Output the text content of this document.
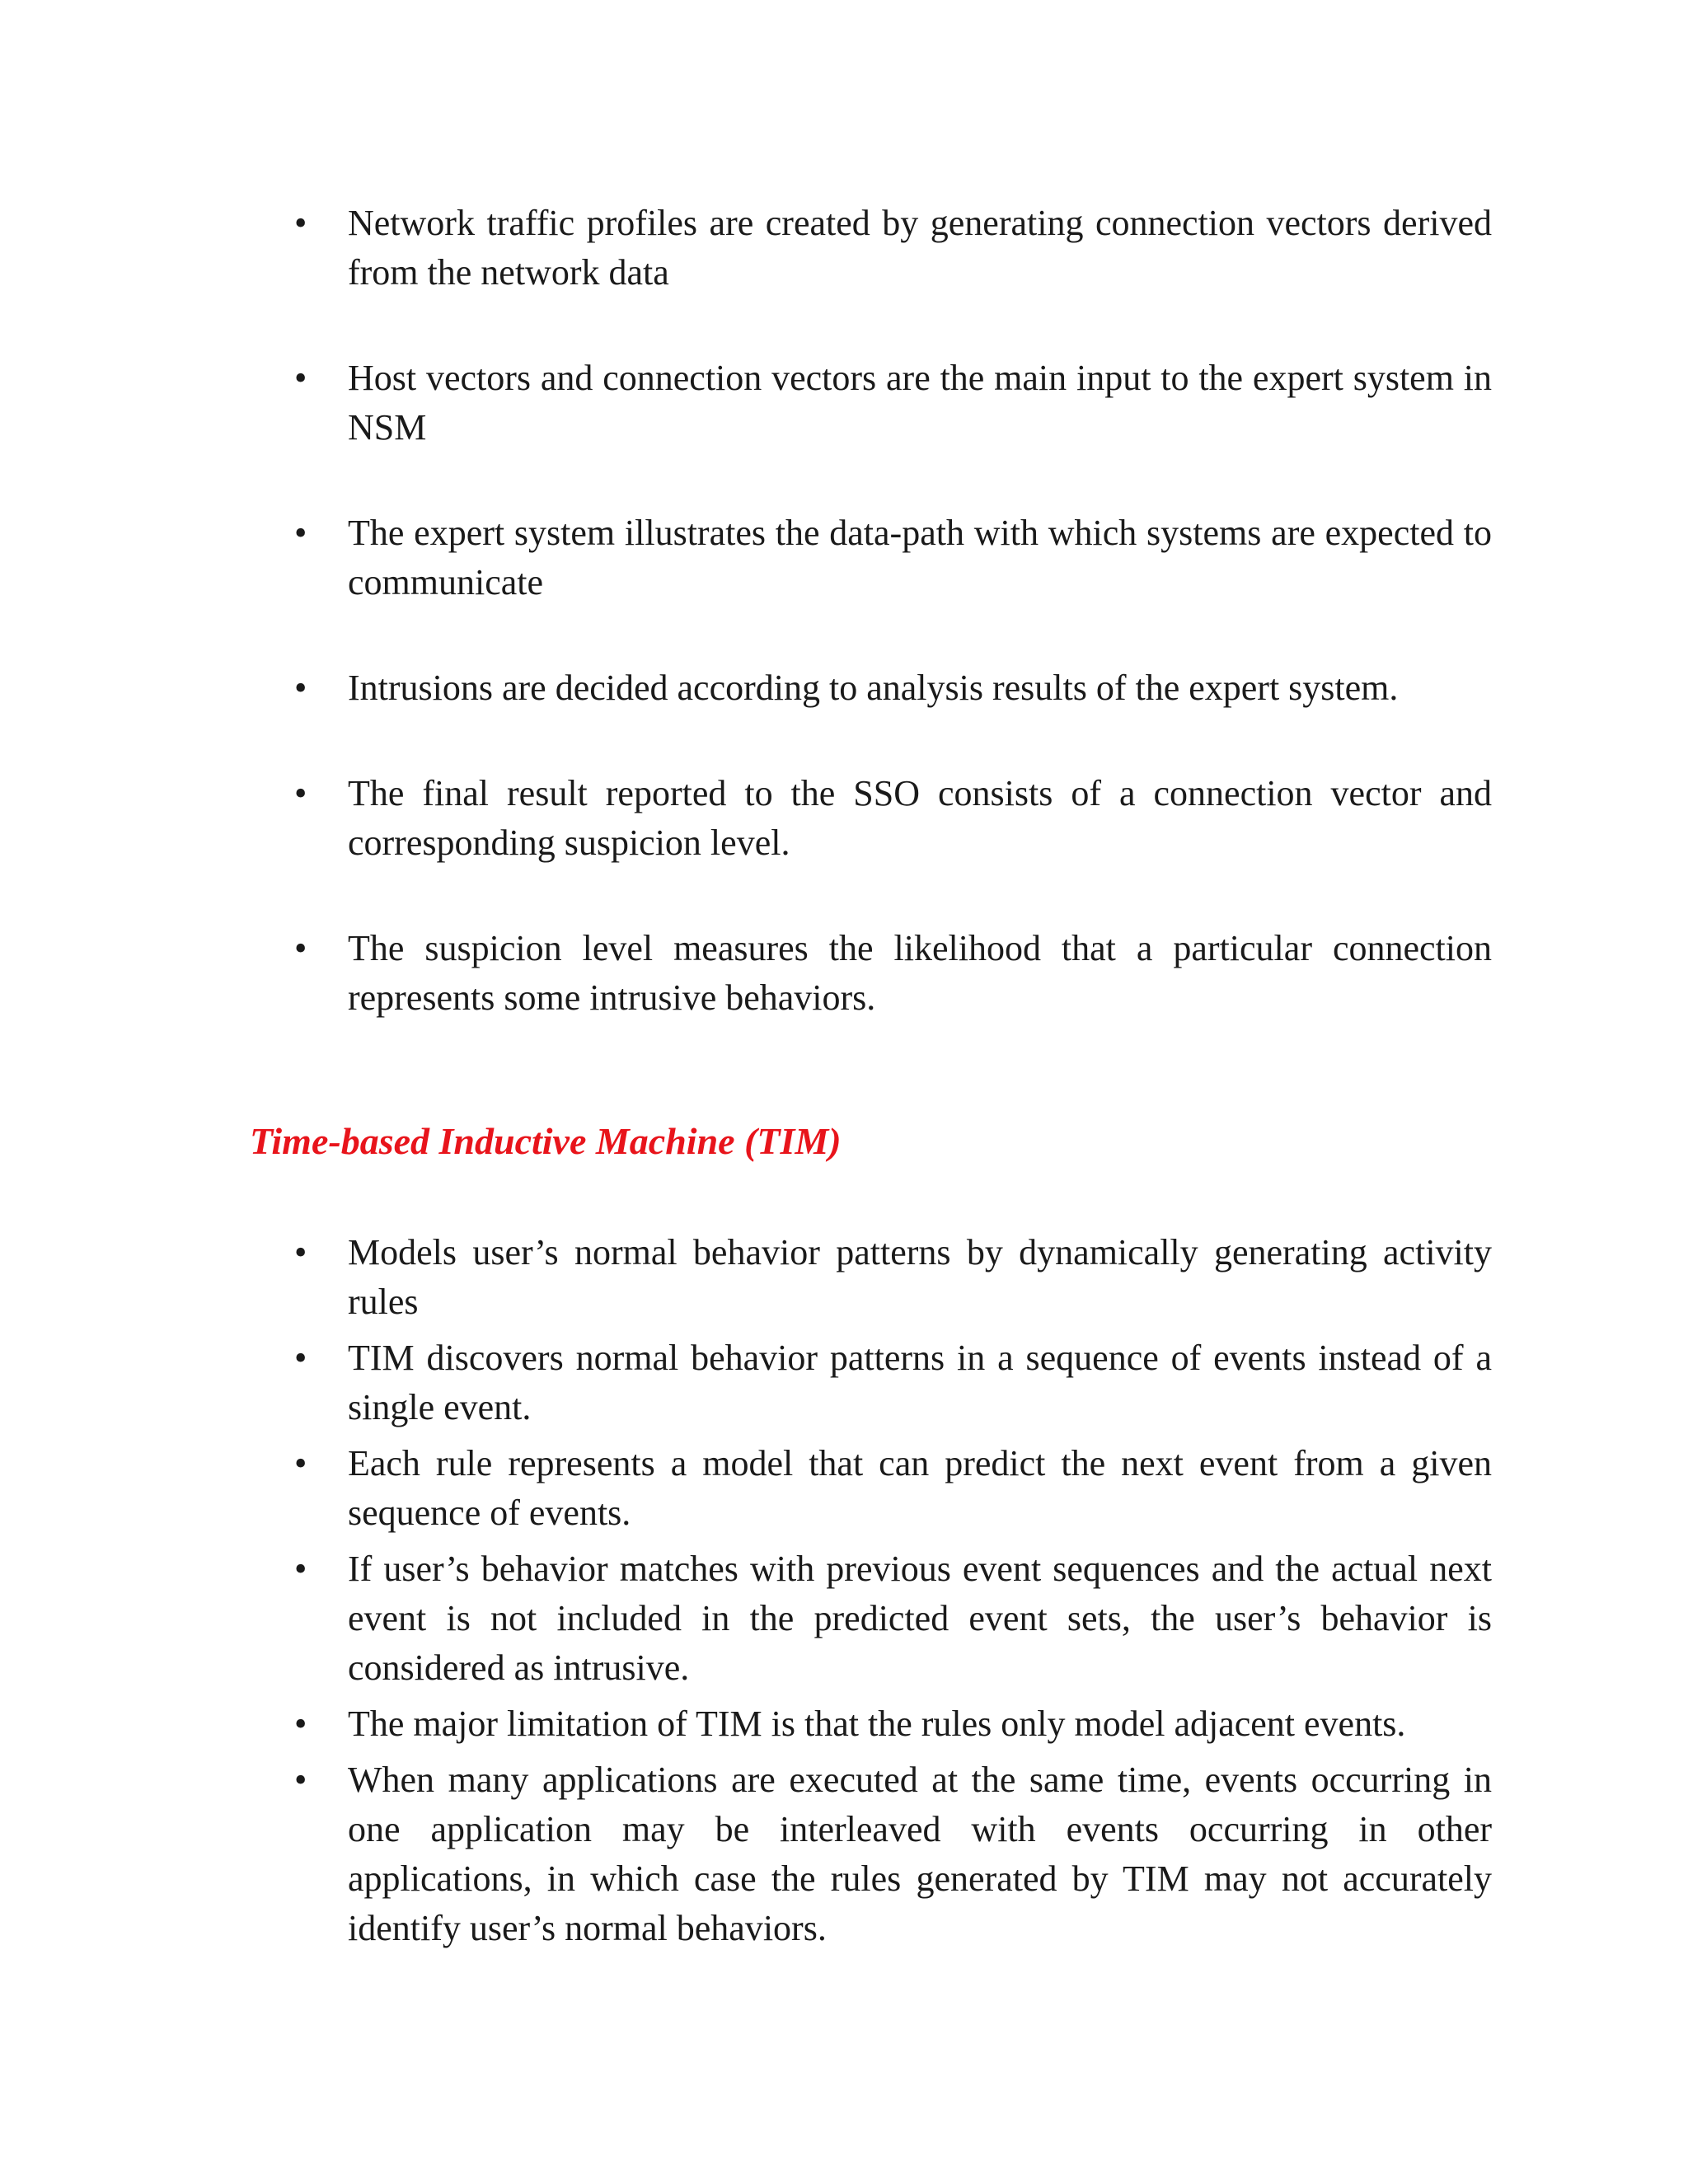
•	Network traffic profiles are created by generating connection vectors derived from the network data
•	Host vectors and connection vectors are the main input to the expert system in NSM
•	The expert system illustrates the data-path with which systems are expected to communicate
•	Intrusions are decided according to analysis results of the expert system.
•	The final result reported to the SSO consists of a connection vector and corresponding suspicion level.
•	The suspicion level measures the likelihood that a particular connection represents some intrusive behaviors.
Time-based Inductive Machine (TIM)
•	Models user’s normal behavior patterns by dynamically generating activity rules
•	TIM discovers normal behavior patterns in a sequence of events instead of a single event.
•	Each rule represents a model that can predict the next event from a given sequence of events.
•	If user’s behavior matches with previous event sequences and the actual next event is not included in the predicted event sets, the user’s behavior is considered as intrusive.
•	The major limitation of TIM is that the rules only model adjacent events.
•	When many applications are executed at the same time, events occurring in one application may be interleaved with events occurring in other applications, in which case the rules generated by TIM may not accurately identify user’s normal behaviors.
